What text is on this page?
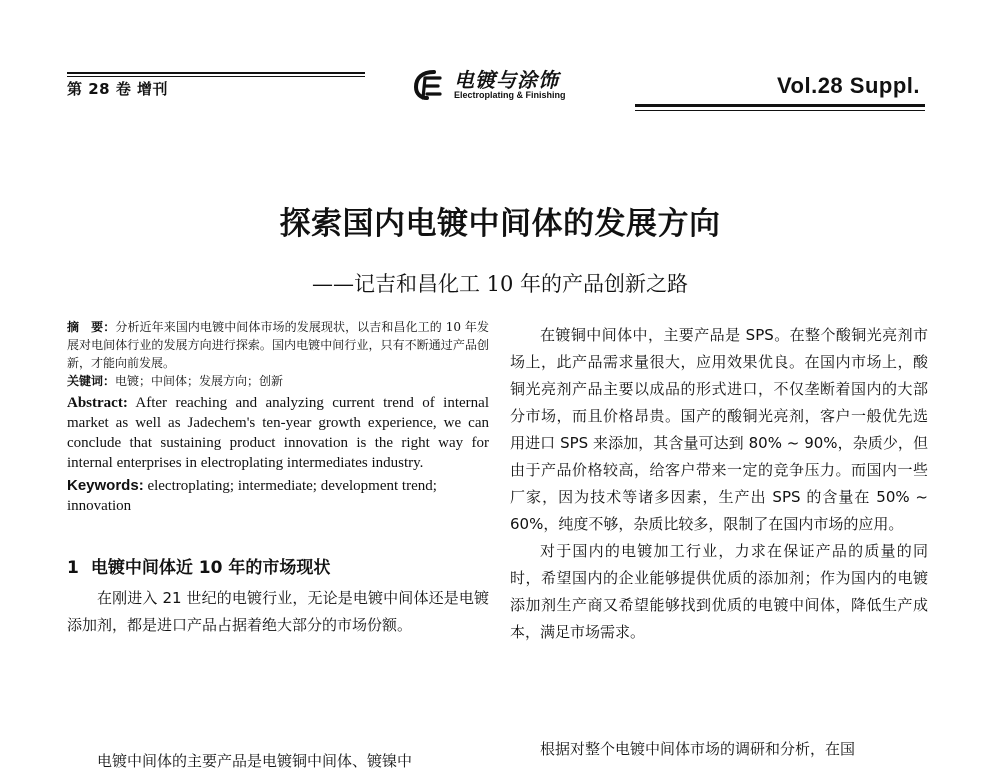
第 28 卷 增刊	电镀与涂饰
Electroplating & Finishing	Vol.28 Suppl.
探索国内电镀中间体的发展方向
——记吉和昌化工 10 年的产品创新之路

摘　要：分析近年来国内电镀中间体市场的发展现状，以吉和昌化工的 10 年发展对电间体行业的发展方向进行探索。国内电镀中间行业，只有不断通过产品创新，才能向前发展。

关键词：电镀；中间体；发展方向；创新

Abstract: After reaching and analyzing current trend of internal market as well as Jadechem's ten-year growth experience, we can conclude that sustaining product innovation is the right way for internal enterprises in electroplating intermediates industry.

Keywords: electroplating; intermediate; development trend; innovation

1 电镀中间体近 10 年的市场现状

在刚进入 21 世纪的电镀行业，无论是电镀中间体还是电镀添加剂，都是进口产品占据着绝大部分的市场份额。

电镀中间体的主要产品是电镀铜中间体、镀镍中

在镀铜中间体中，主要产品是 SPS。在整个酸铜光亮剂市场上，此产品需求量很大，应用效果优良。在国内市场上，酸铜光亮剂产品主要以成品的形式进口，不仅垄断着国内的大部分市场，而且价格昂贵。国产的酸铜光亮剂，客户一般优先选用进口 SPS 来添加，其含量可达到 80% ~ 90%，杂质少，但由于产品价格较高，给客户带来一定的竞争压力。而国内一些厂家，因为技术等诸多因素，生产出 SPS 的含量在 50% ~ 60%，纯度不够，杂质比较多，限制了在国内市场的应用。

对于国内的电镀加工行业，力求在保证产品的质量的同时，希望国内的企业能够提供优质的添加剂；作为国内的电镀添加剂生产商又希望能够找到优质的电镀中间体，降低生产成本，满足市场需求。

根据对整个电镀中间体市场的调研和分析，在国
